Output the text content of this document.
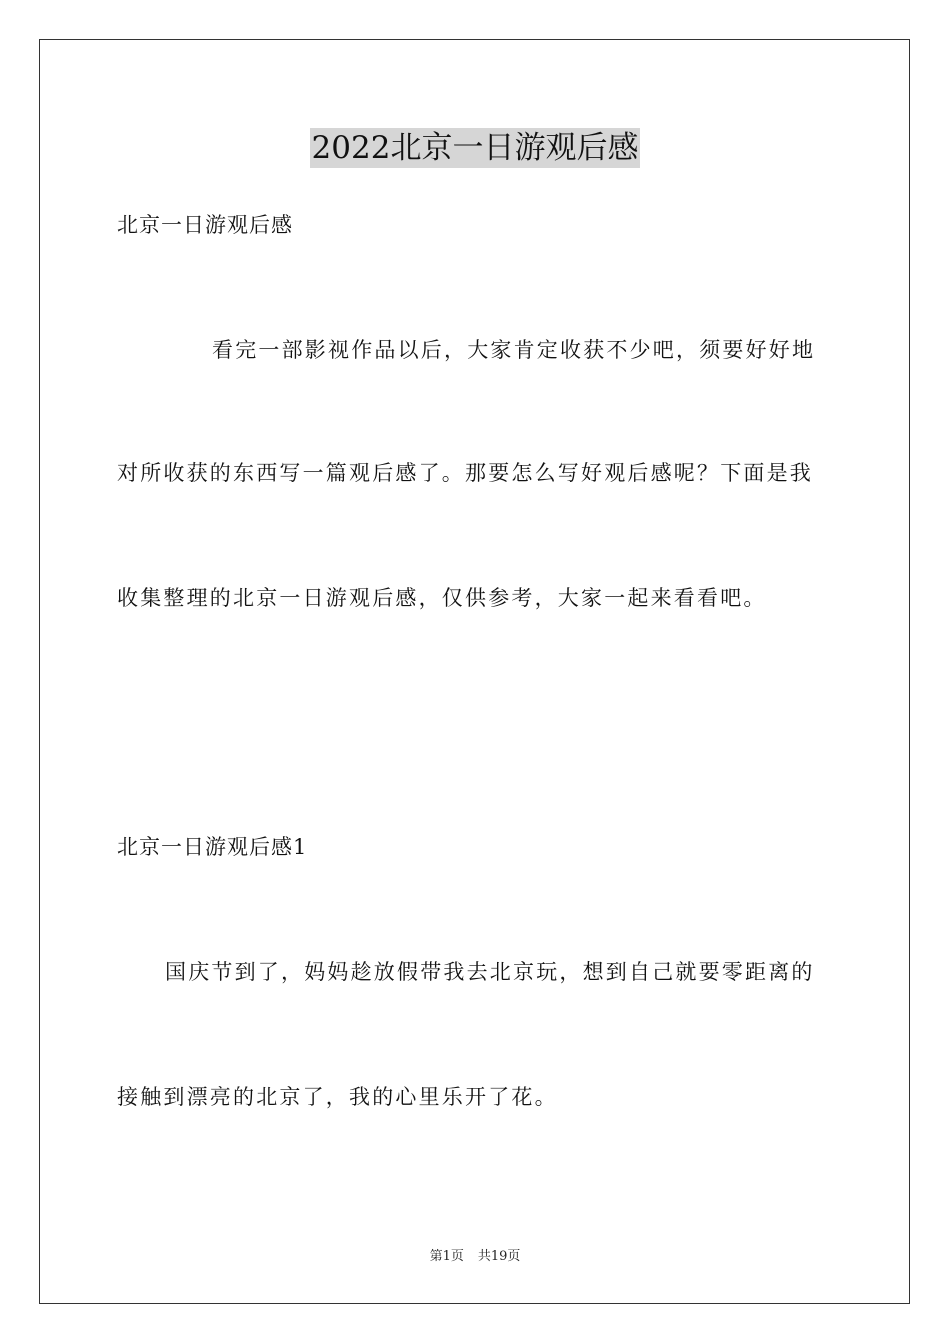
2022北京一日游观后感
北京一日游观后感
看完一部影视作品以后，大家肯定收获不少吧，须要好好地
对所收获的东西写一篇观后感了。那要怎么写好观后感呢？下面是我
收集整理的北京一日游观后感，仅供参考，大家一起来看看吧。
北京一日游观后感1
国庆节到了，妈妈趁放假带我去北京玩，想到自己就要零距离的
接触到漂亮的北京了，我的心里乐开了花。
第1页 共19页
